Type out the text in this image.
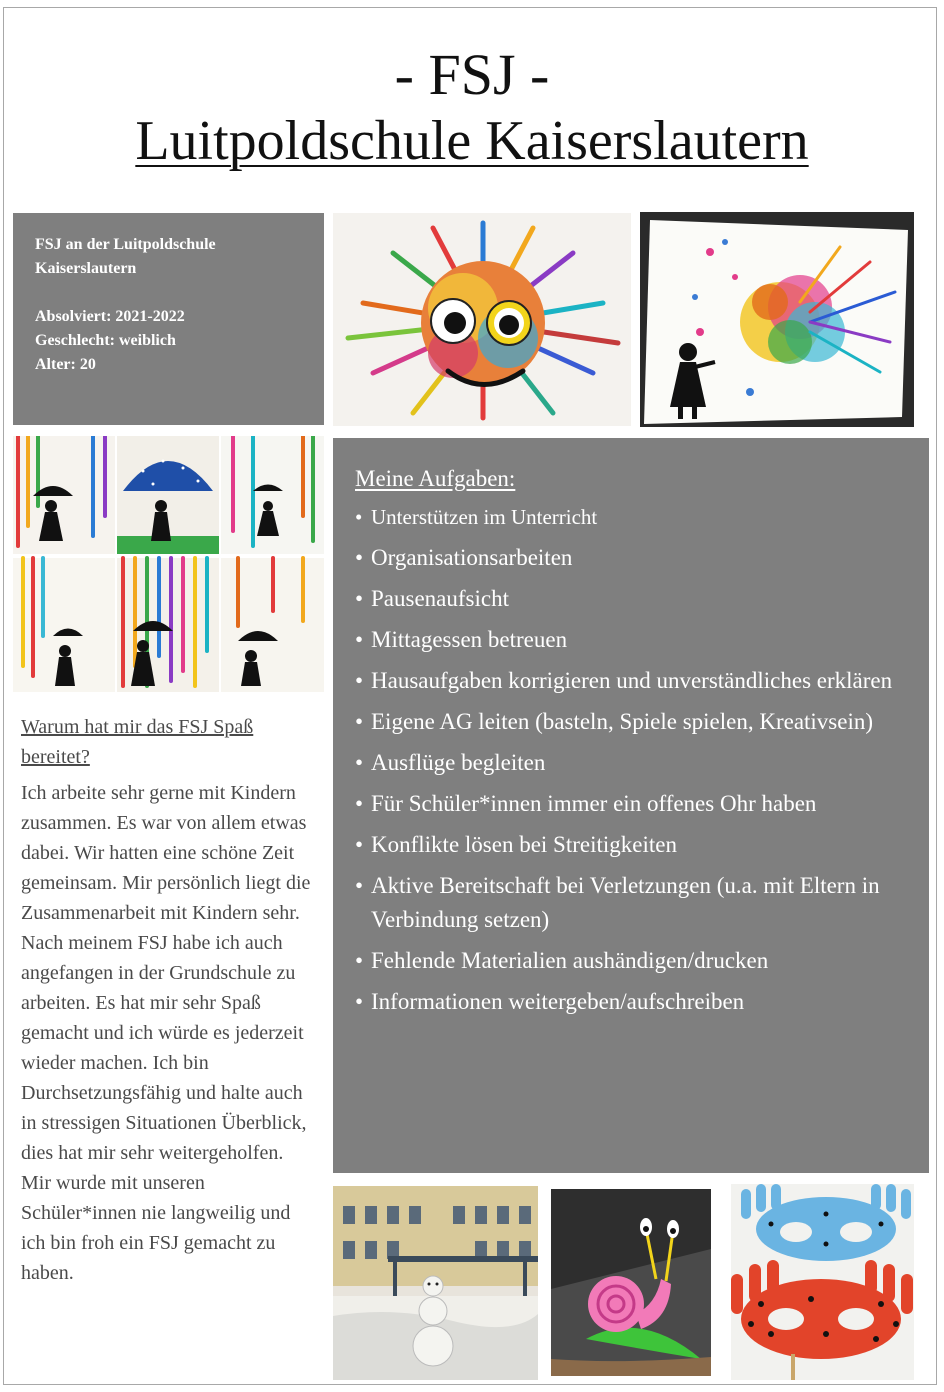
- FSJ -
Luitpoldschule Kaiserslautern
FSJ an der Luitpoldschule
Kaiserslautern
Absolviert: 2021-2022
Geschlecht: weiblich
Alter: 20
Meine Aufgaben:
• Unterstützen im Unterricht
• Organisationsarbeiten
• Pausenaufsicht
• Mittagessen betreuen
• Hausaufgaben korrigieren und unverständliches erklären
• Eigene AG leiten (basteln, Spiele spielen, Kreativsein)
• Ausflüge begleiten
• Für Schüler*innen immer ein offenes Ohr haben
• Konflikte lösen bei Streitigkeiten
• Aktive Bereitschaft bei Verletzungen (u.a. mit Eltern in Verbindung setzen)
• Fehlende Materialien aushändigen/drucken
• Informationen weitergeben/aufschreiben
Warum hat mir das FSJ Spaß bereitet?
Ich arbeite sehr gerne mit Kindern zusammen. Es war von allem etwas dabei. Wir hatten eine schöne Zeit gemeinsam. Mir persönlich liegt die Zusammenarbeit mit Kindern sehr. Nach meinem FSJ habe ich auch angefangen in der Grundschule zu arbeiten. Es hat mir sehr Spaß gemacht und ich würde es jederzeit wieder machen. Ich bin Durchsetzungsfähig und halte auch in stressigen Situationen Überblick, dies hat mir sehr weitergeholfen. Mir wurde mit unseren Schüler*innen nie langweilig und ich bin froh ein FSJ gemacht zu haben.
